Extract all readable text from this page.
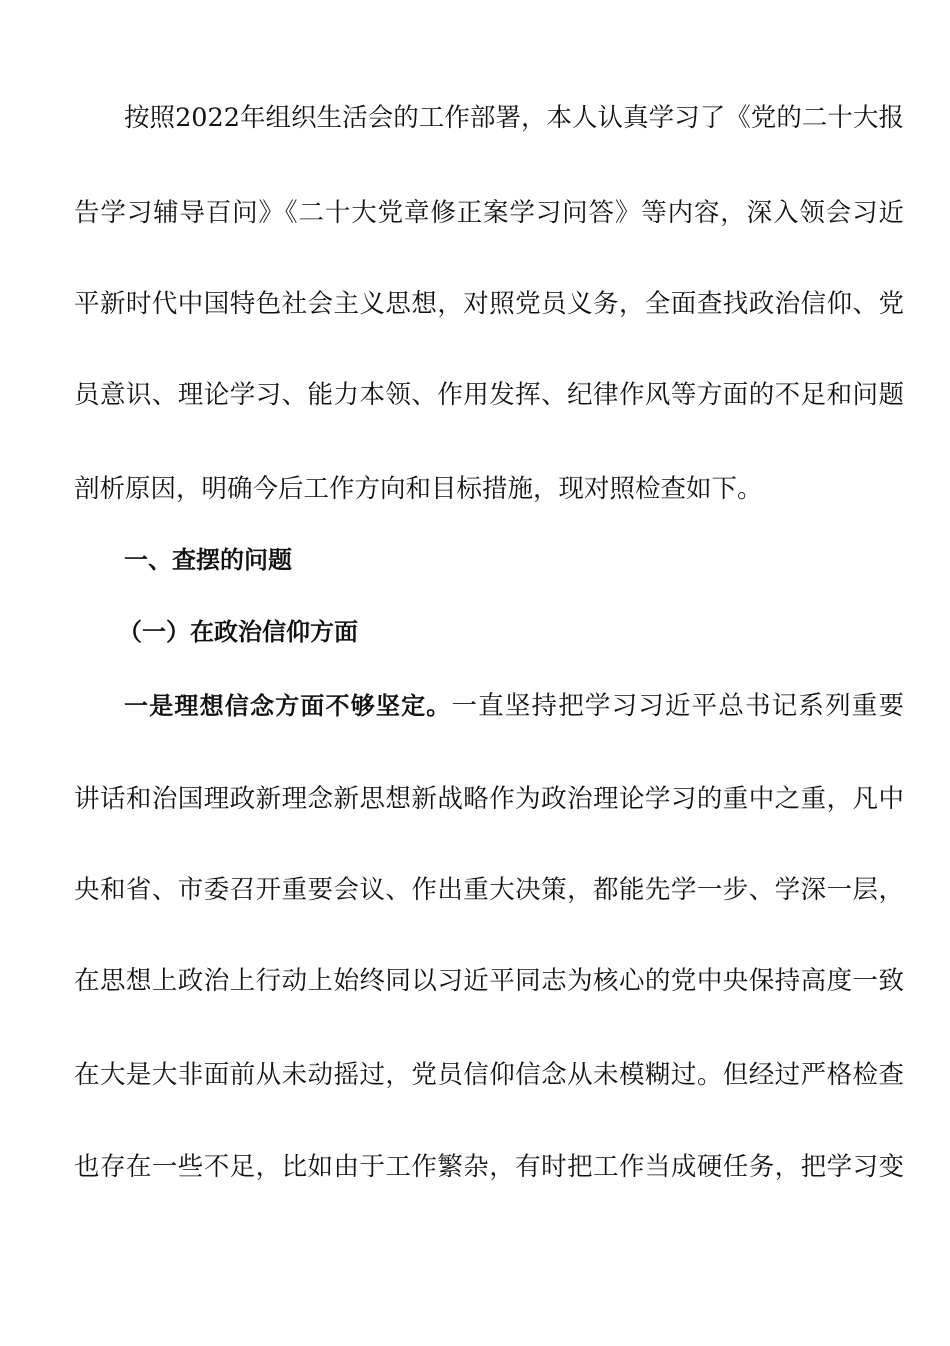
按照2022年组织生活会的工作部署，本人认真学习了《党的二十大报
告学习辅导百问》《二十大党章修正案学习问答》等内容，深入领会习近
平新时代中国特色社会主义思想，对照党员义务，全面查找政治信仰、党
员意识、理论学习、能力本领、作用发挥、纪律作风等方面的不足和问题
剖析原因，明确今后工作方向和目标措施，现对照检查如下。
一、查摆的问题
（一）在政治信仰方面
一是理想信念方面不够坚定。一直坚持把学习习近平总书记系列重要
讲话和治国理政新理念新思想新战略作为政治理论学习的重中之重，凡中
央和省、市委召开重要会议、作出重大决策，都能先学一步、学深一层，
在思想上政治上行动上始终同以习近平同志为核心的党中央保持高度一致
在大是大非面前从未动摇过，党员信仰信念从未模糊过。但经过严格检查
也存在一些不足，比如由于工作繁杂，有时把工作当成硬任务，把学习变
